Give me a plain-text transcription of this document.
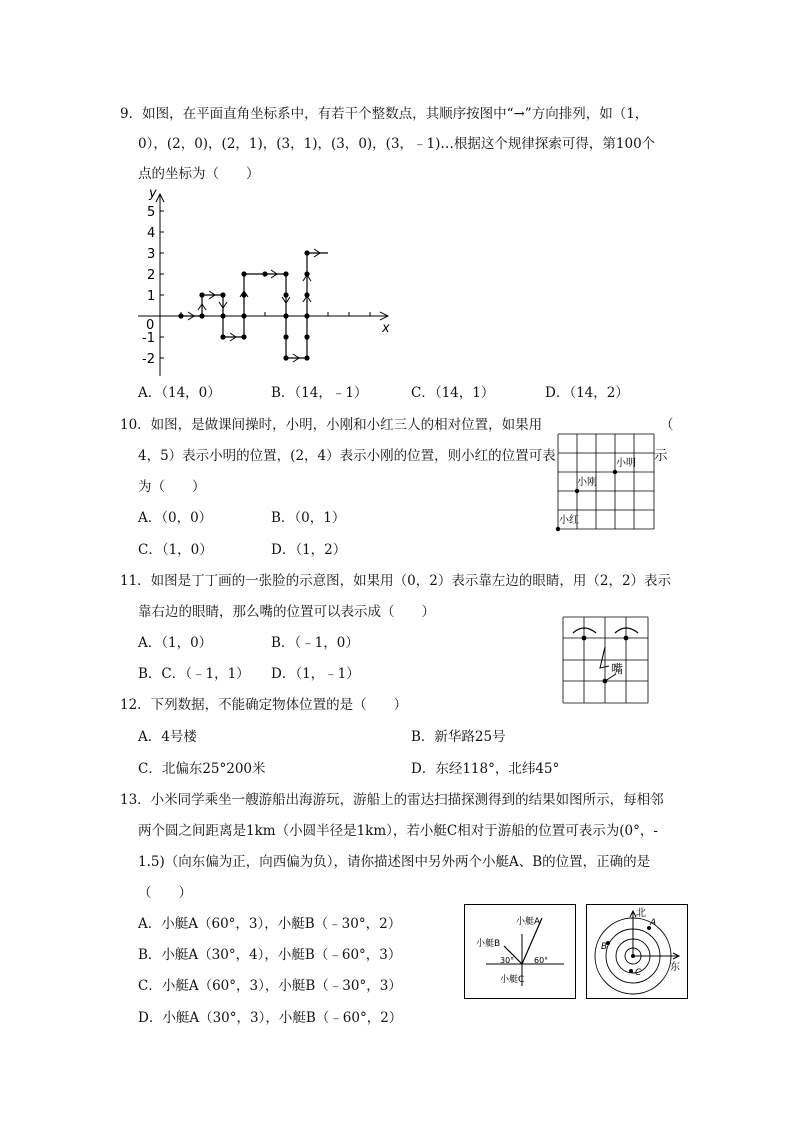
9．如图，在平面直角坐标系中，有若干个整数点，其顺序按图中“→”方向排列，如（1，
0），(2，0)，(2，1)，(3，1)，(3，0)，(3，﹣1)…根据这个规律探索可得，第100个
点的坐标为（　　）
y
x
0
5
4
3
2
1
-1
-2
A．（14，0）	B．（14，﹣1）	C．（14，1）	D．（14，2）
10．如图，是做课间操时，小明，小刚和小红三人的相对位置，如果用	（
4，5）表示小明的位置，(2，4）表示小刚的位置，则小红的位置可表	示
为（　　）
小明
小刚
小红
A．（0，0）	B．（0，1）
C．（1，0）	D．（1，2）
11．如图是丁丁画的一张脸的示意图，如果用（0，2）表示靠左边的眼睛，用（2，2）表示
靠右边的眼睛，那么嘴的位置可以表示成（　　）
嘴
A．（1，0）	B．（﹣1，0）
B．C．（﹣1，1） D．（1，﹣1）
12．下列数据，不能确定物体位置的是（　　）
A．4号楼	B．新华路25号
C．北偏东25°200米	D．东经118°，北纬45°
13．小米同学乘坐一艘游船出海游玩，游船上的雷达扫描探测得到的结果如图所示，每相邻
两个圆之间距离是1km（小圆半径是1km），若小艇C相对于游船的位置可表示为(0°，-
1.5)（向东偏为正，向西偏为负），请你描述图中另外两个小艇A、B的位置，正确的是
（　　）
小艇A
小艇B
小艇C
30° 60°
北
东
A
B
C
A．小艇A（60°，3），小艇B（﹣30°，2）
B．小艇A（30°，4），小艇B（﹣60°，3）
C．小艇A（60°，3），小艇B（﹣30°，3）
D．小艇A（30°，3），小艇B（﹣60°，2）
